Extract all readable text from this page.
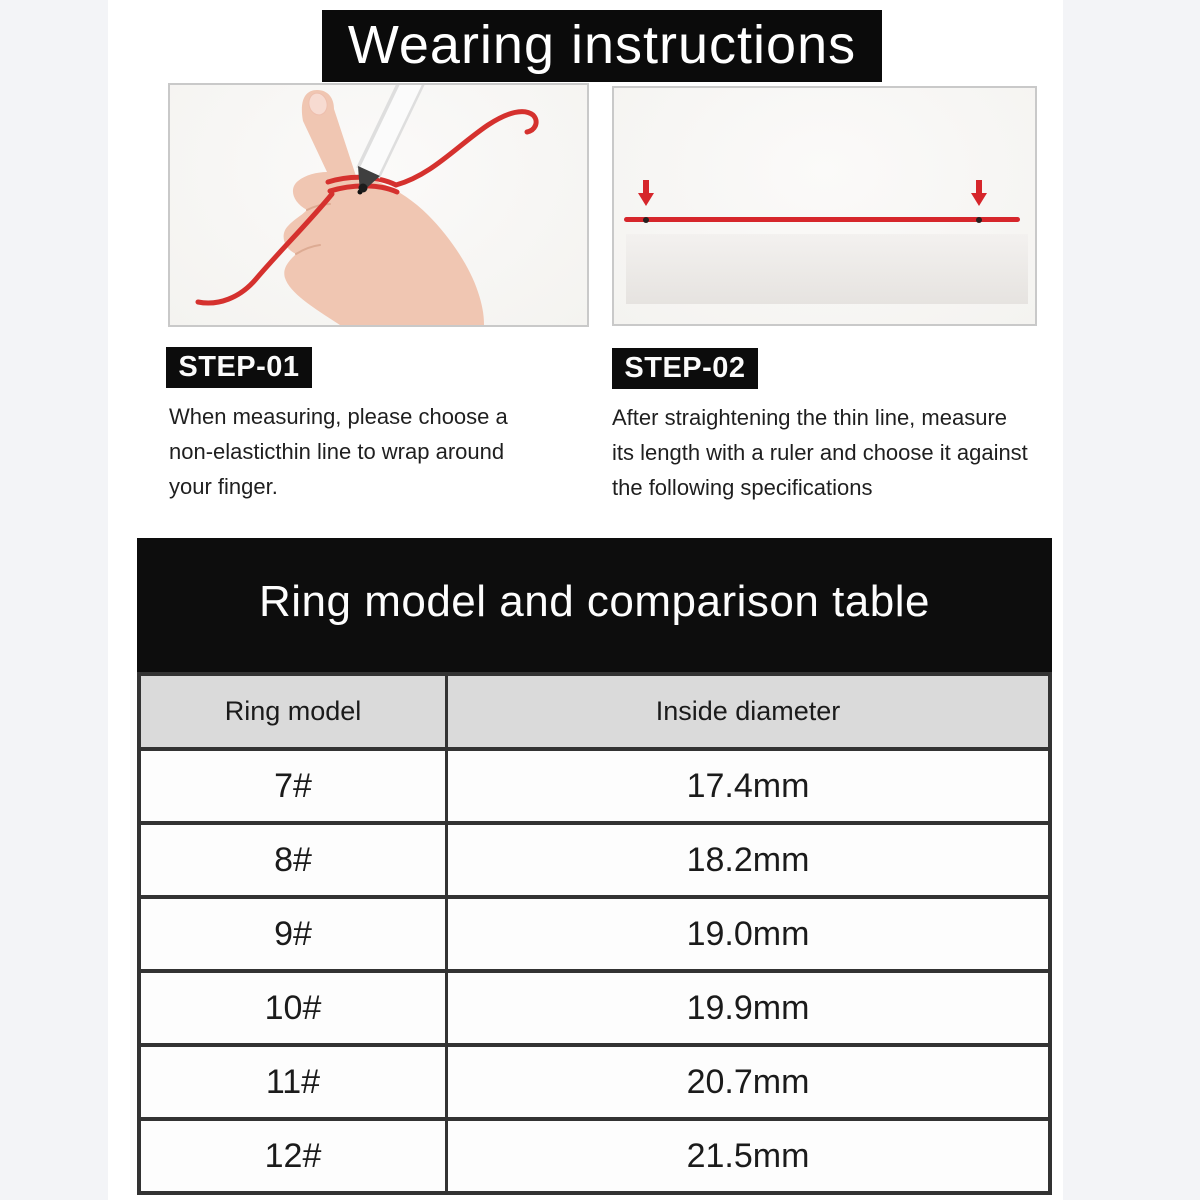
Wearing instructions
STEP-01
When measuring, please choose a
non-elasticthin line to wrap around
your finger.
STEP-02
After straightening the thin line, measure
its length with a ruler and choose it against
the following specifications
Ring model and comparison table
Ring model	Inside diameter
7#	17.4mm
8#	18.2mm
9#	19.0mm
10#	19.9mm
11#	20.7mm
12#	21.5mm
